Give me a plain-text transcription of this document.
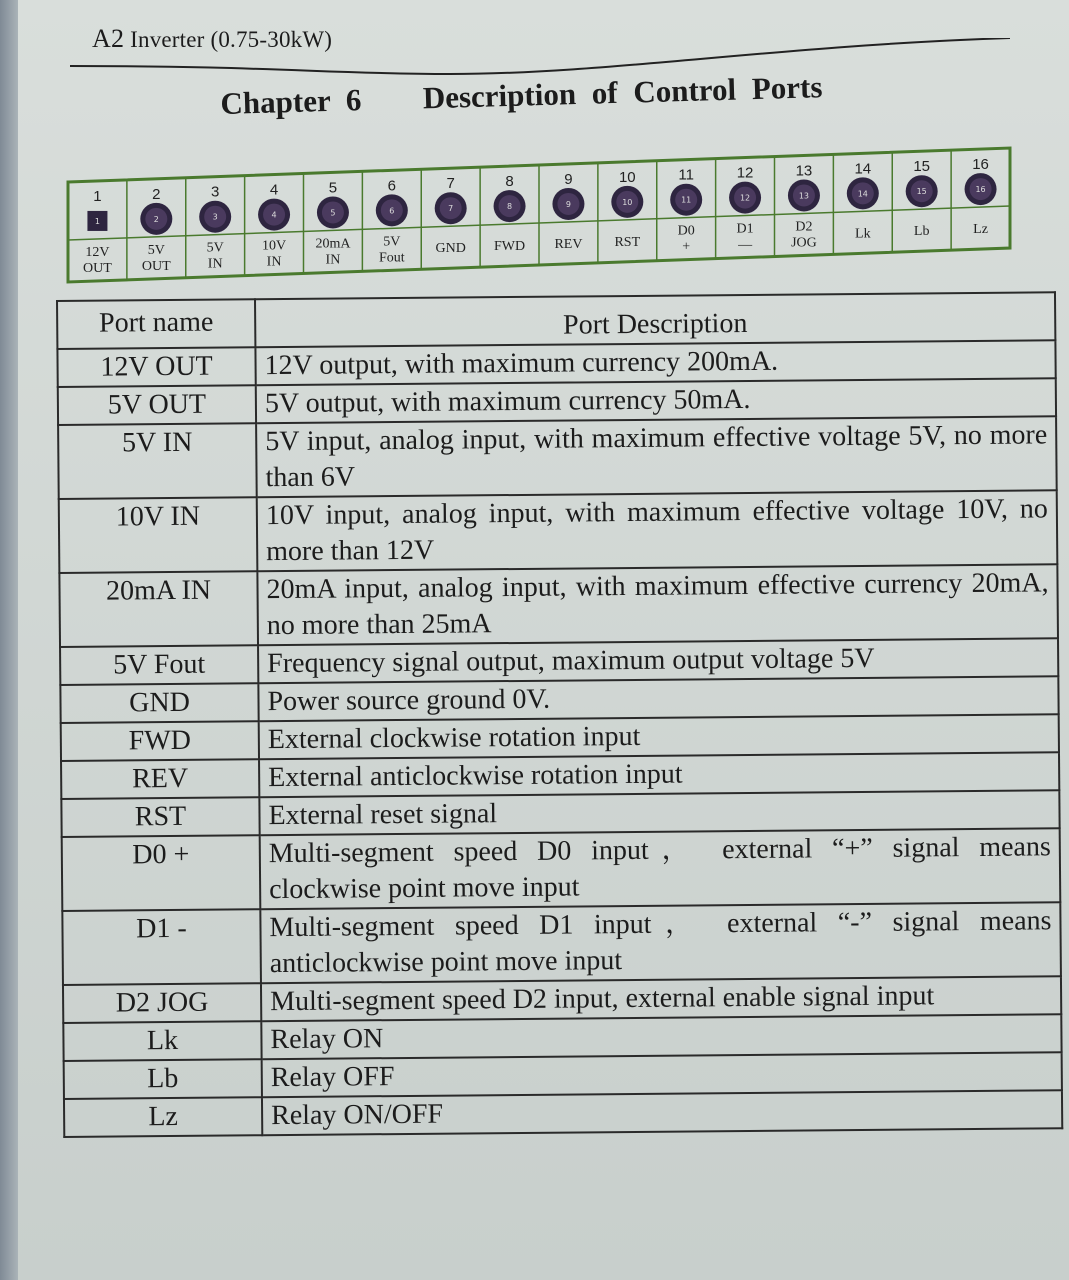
A2 Inverter (0.75-30kW)
Chapter 6 Description of Control Ports
1
1
12V
OUT
2
2
5V
OUT
3
3
5V
IN
4
4
10V
IN
5
5
20mA
IN
6
6
5V
Fout
7
7
GND
8
8
FWD
9
9
REV
10
10
RST
11
11
D0
+
12
12
D1
—
13
13
D2
JOG
14
14
Lk
15
15
Lb
16
16
Lz
Port name	Port Description
12V OUT	12V output, with maximum currency 200mA.
5V OUT	5V output, with maximum currency 50mA.
5V IN	5V input, analog input, with maximum effective voltage 5V, no more than 6V
10V IN	10V input, analog input, with maximum effective voltage 10V, no more than 12V
20mA IN	20mA input, analog input, with maximum effective currency 20mA, no more than 25mA
5V Fout	Frequency signal output, maximum output voltage 5V
GND	Power source ground 0V.
FWD	External clockwise rotation input
REV	External anticlockwise rotation input
RST	External reset signal
D0 +	Multi-segment speed D0 input， external “+” signal means clockwise point move input
D1 -	Multi-segment speed D1 input， external “-” signal means anticlockwise point move input
D2 JOG	Multi-segment speed D2 input, external enable signal input
Lk	Relay ON
Lb	Relay OFF
Lz	Relay ON/OFF
